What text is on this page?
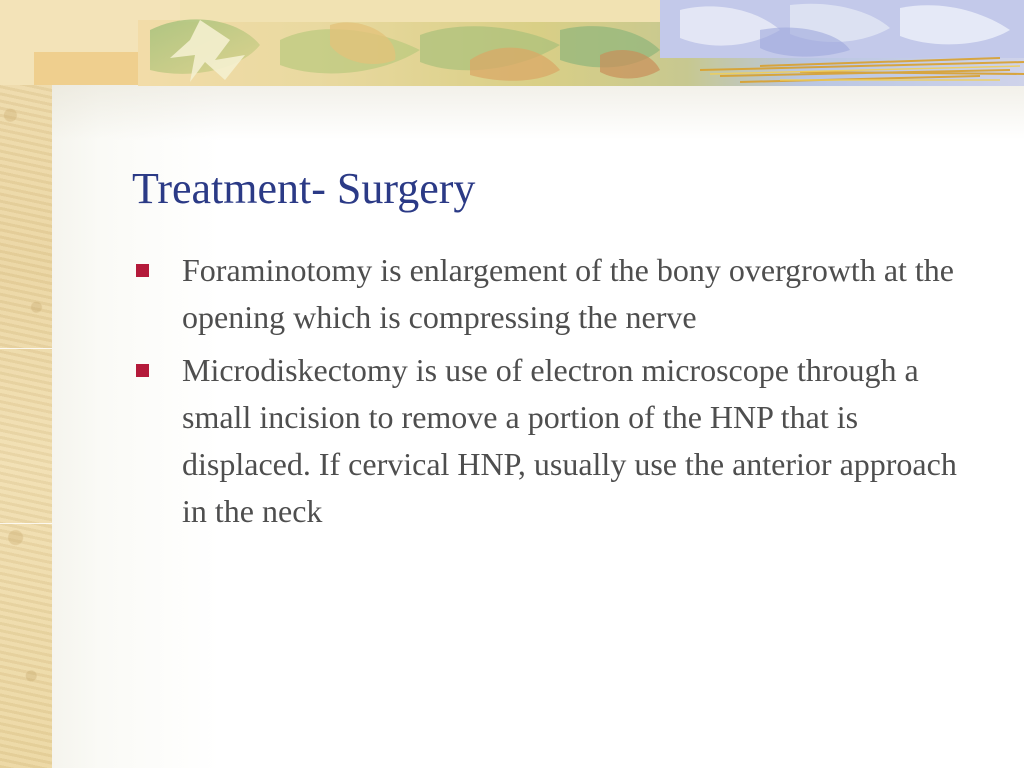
Treatment- Surgery
Foraminotomy is enlargement of the bony overgrowth at the opening which is compressing the nerve
Microdiskectomy is use of electron microscope through a small incision to remove a portion of the HNP that is displaced. If cervical HNP, usually use the anterior approach in the neck
